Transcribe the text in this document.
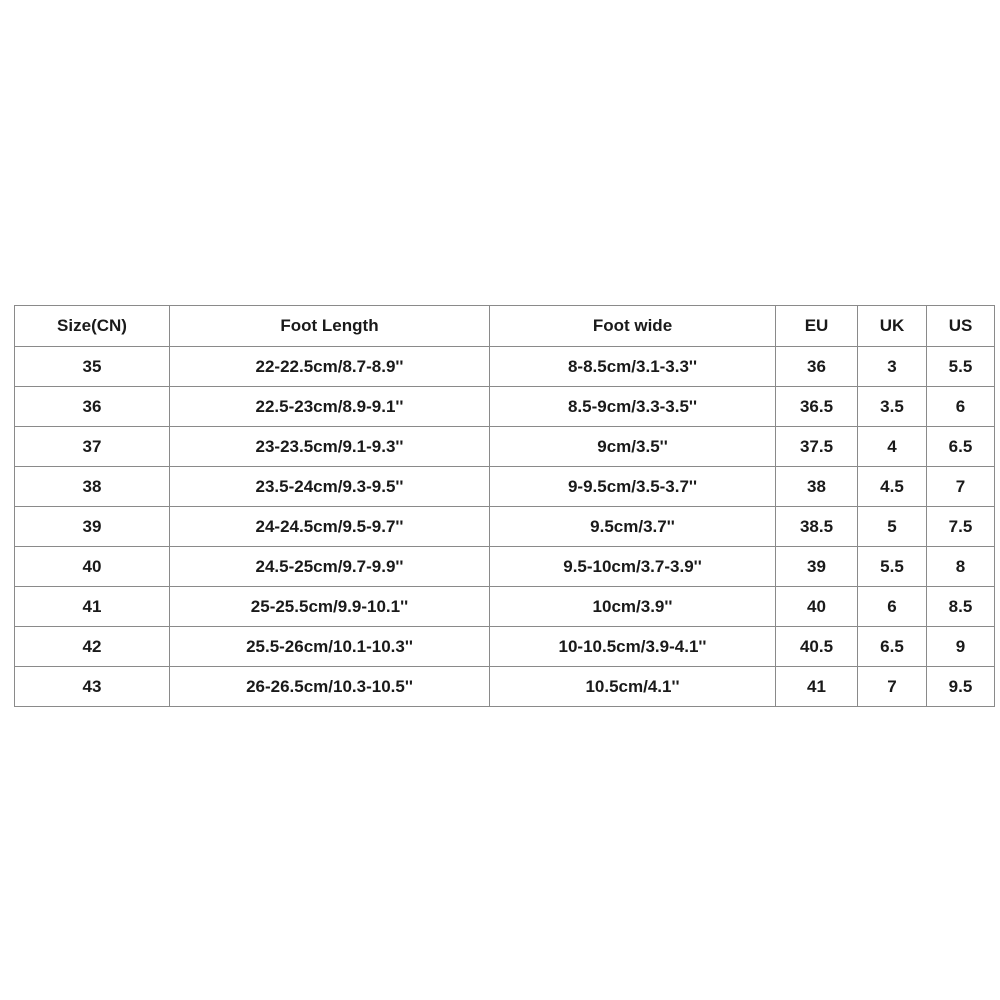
Size(CN)	Foot Length	Foot wide	EU	UK	US
35	22-22.5cm/8.7-8.9''	8-8.5cm/3.1-3.3''	36	3	5.5
36	22.5-23cm/8.9-9.1''	8.5-9cm/3.3-3.5''	36.5	3.5	6
37	23-23.5cm/9.1-9.3''	9cm/3.5''	37.5	4	6.5
38	23.5-24cm/9.3-9.5''	9-9.5cm/3.5-3.7''	38	4.5	7
39	24-24.5cm/9.5-9.7''	9.5cm/3.7''	38.5	5	7.5
40	24.5-25cm/9.7-9.9''	9.5-10cm/3.7-3.9''	39	5.5	8
41	25-25.5cm/9.9-10.1''	10cm/3.9''	40	6	8.5
42	25.5-26cm/10.1-10.3''	10-10.5cm/3.9-4.1''	40.5	6.5	9
43	26-26.5cm/10.3-10.5''	10.5cm/4.1''	41	7	9.5
